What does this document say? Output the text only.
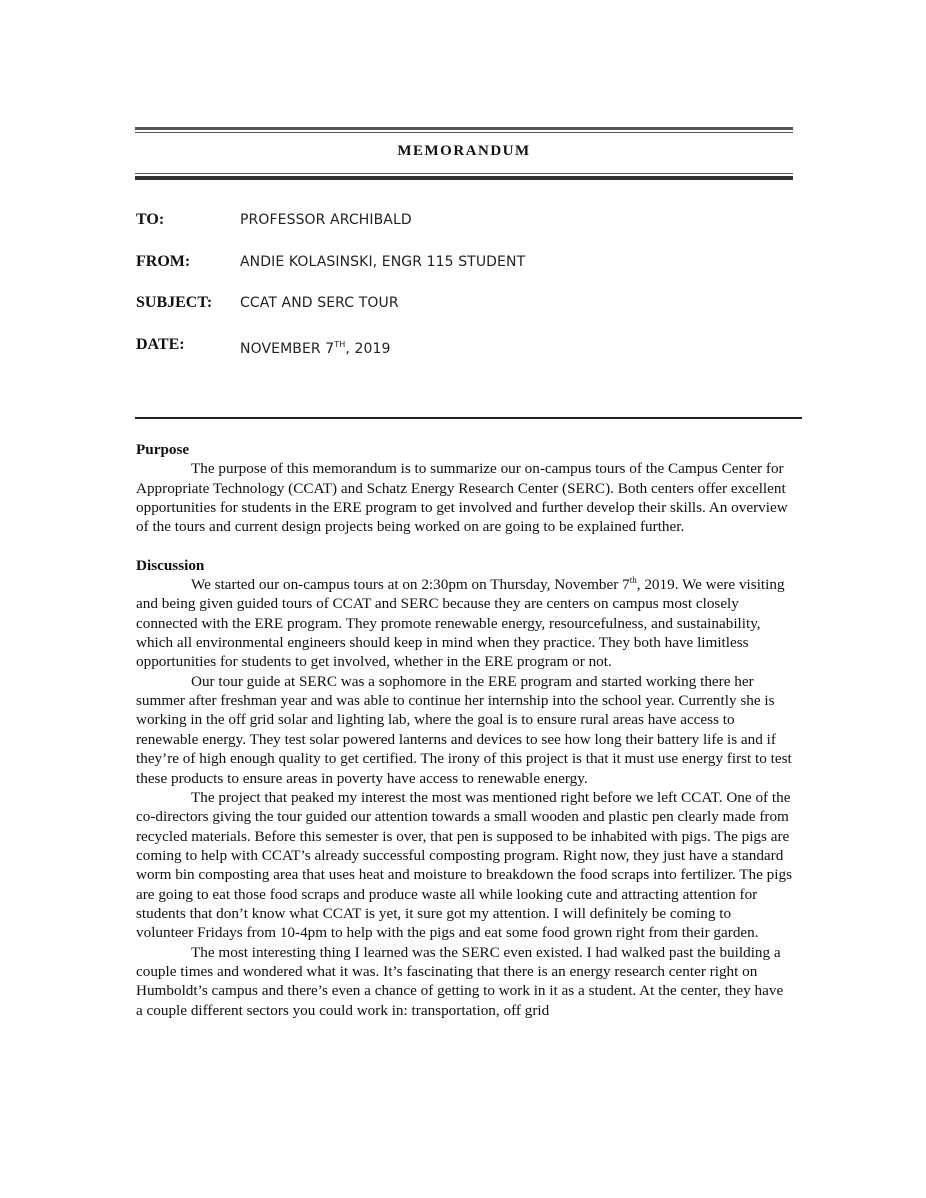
MEMORANDUM
TO:	PROFESSOR ARCHIBALD
FROM:	ANDIE KOLASINSKI, ENGR 115 STUDENT
SUBJECT: CCAT AND SERC TOUR
DATE:	NOVEMBER 7TH, 2019
Purpose

The purpose of this memorandum is to summarize our on-campus tours of the Campus Center for Appropriate Technology (CCAT) and Schatz Energy Research Center (SERC). Both centers offer excellent opportunities for students in the ERE program to get involved and further develop their skills. An overview of the tours and current design projects being worked on are going to be explained further.

Discussion

We started our on-campus tours at on 2:30pm on Thursday, November 7th, 2019. We were visiting and being given guided tours of CCAT and SERC because they are centers on campus most closely connected with the ERE program. They promote renewable energy, resourcefulness, and sustainability, which all environmental engineers should keep in mind when they practice. They both have limitless opportunities for students to get involved, whether in the ERE program or not.

Our tour guide at SERC was a sophomore in the ERE program and started working there her summer after freshman year and was able to continue her internship into the school year. Currently she is working in the off grid solar and lighting lab, where the goal is to ensure rural areas have access to renewable energy. They test solar powered lanterns and devices to see how long their battery life is and if they’re of high enough quality to get certified. The irony of this project is that it must use energy first to test these products to ensure areas in poverty have access to renewable energy.

The project that peaked my interest the most was mentioned right before we left CCAT. One of the co-directors giving the tour guided our attention towards a small wooden and plastic pen clearly made from recycled materials. Before this semester is over, that pen is supposed to be inhabited with pigs. The pigs are coming to help with CCAT’s already successful composting program. Right now, they just have a standard worm bin composting area that uses heat and moisture to breakdown the food scraps into fertilizer. The pigs are going to eat those food scraps and produce waste all while looking cute and attracting attention for students that don’t know what CCAT is yet, it sure got my attention. I will definitely be coming to volunteer Fridays from 10-4pm to help with the pigs and eat some food grown right from their garden.

The most interesting thing I learned was the SERC even existed. I had walked past the building a couple times and wondered what it was. It’s fascinating that there is an energy research center right on Humboldt’s campus and there’s even a chance of getting to work in it as a student. At the center, they have a couple different sectors you could work in: transportation, off grid
